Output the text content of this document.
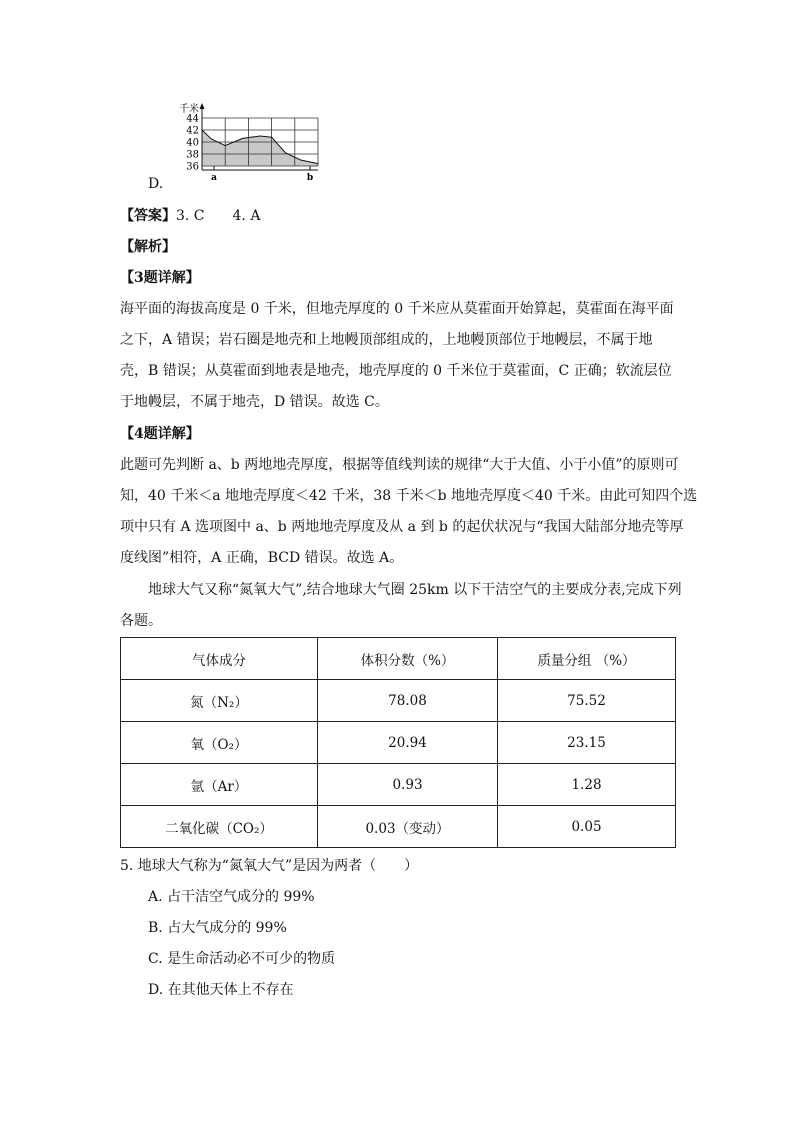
D.
36
38
40
42
44
千米
a	b
【答案】3. C　　4. A
【解析】
【3题详解】
海平面的海拔高度是 0 千米，但地壳厚度的 0 千米应从莫霍面开始算起，莫霍面在海平面
之下，A 错误；岩石圈是地壳和上地幔顶部组成的，上地幔顶部位于地幔层，不属于地
壳，B 错误；从莫霍面到地表是地壳，地壳厚度的 0 千米位于莫霍面，C 正确；软流层位
于地幔层，不属于地壳，D 错误。故选 C。
【4题详解】
此题可先判断 a、b 两地地壳厚度，根据等值线判读的规律“大于大值、小于小值”的原则可
知，40 千米＜a 地地壳厚度＜42 千米，38 千米＜b 地地壳厚度＜40 千米。由此可知四个选
项中只有 A 选项图中 a、b 两地地壳厚度及从 a 到 b 的起伏状况与“我国大陆部分地壳等厚
度线图”相符，A 正确，BCD 错误。故选 A。
　　地球大气又称“氮氧大气”,结合地球大气圈 25km 以下干洁空气的主要成分表,完成下列
各题。
气体成分	体积分数（%）	质量分组 （%）
氮（N₂）	78.08	75.52
氧（O₂）	20.94	23.15
氩（Ar）	0.93	1.28
二氧化碳（CO₂）	0.03（变动）	0.05
5. 地球大气称为“氮氧大气”是因为两者（　　）
A. 占干洁空气成分的 99%
B. 占大气成分的 99%
C. 是生命活动必不可少的物质
D. 在其他天体上不存在
